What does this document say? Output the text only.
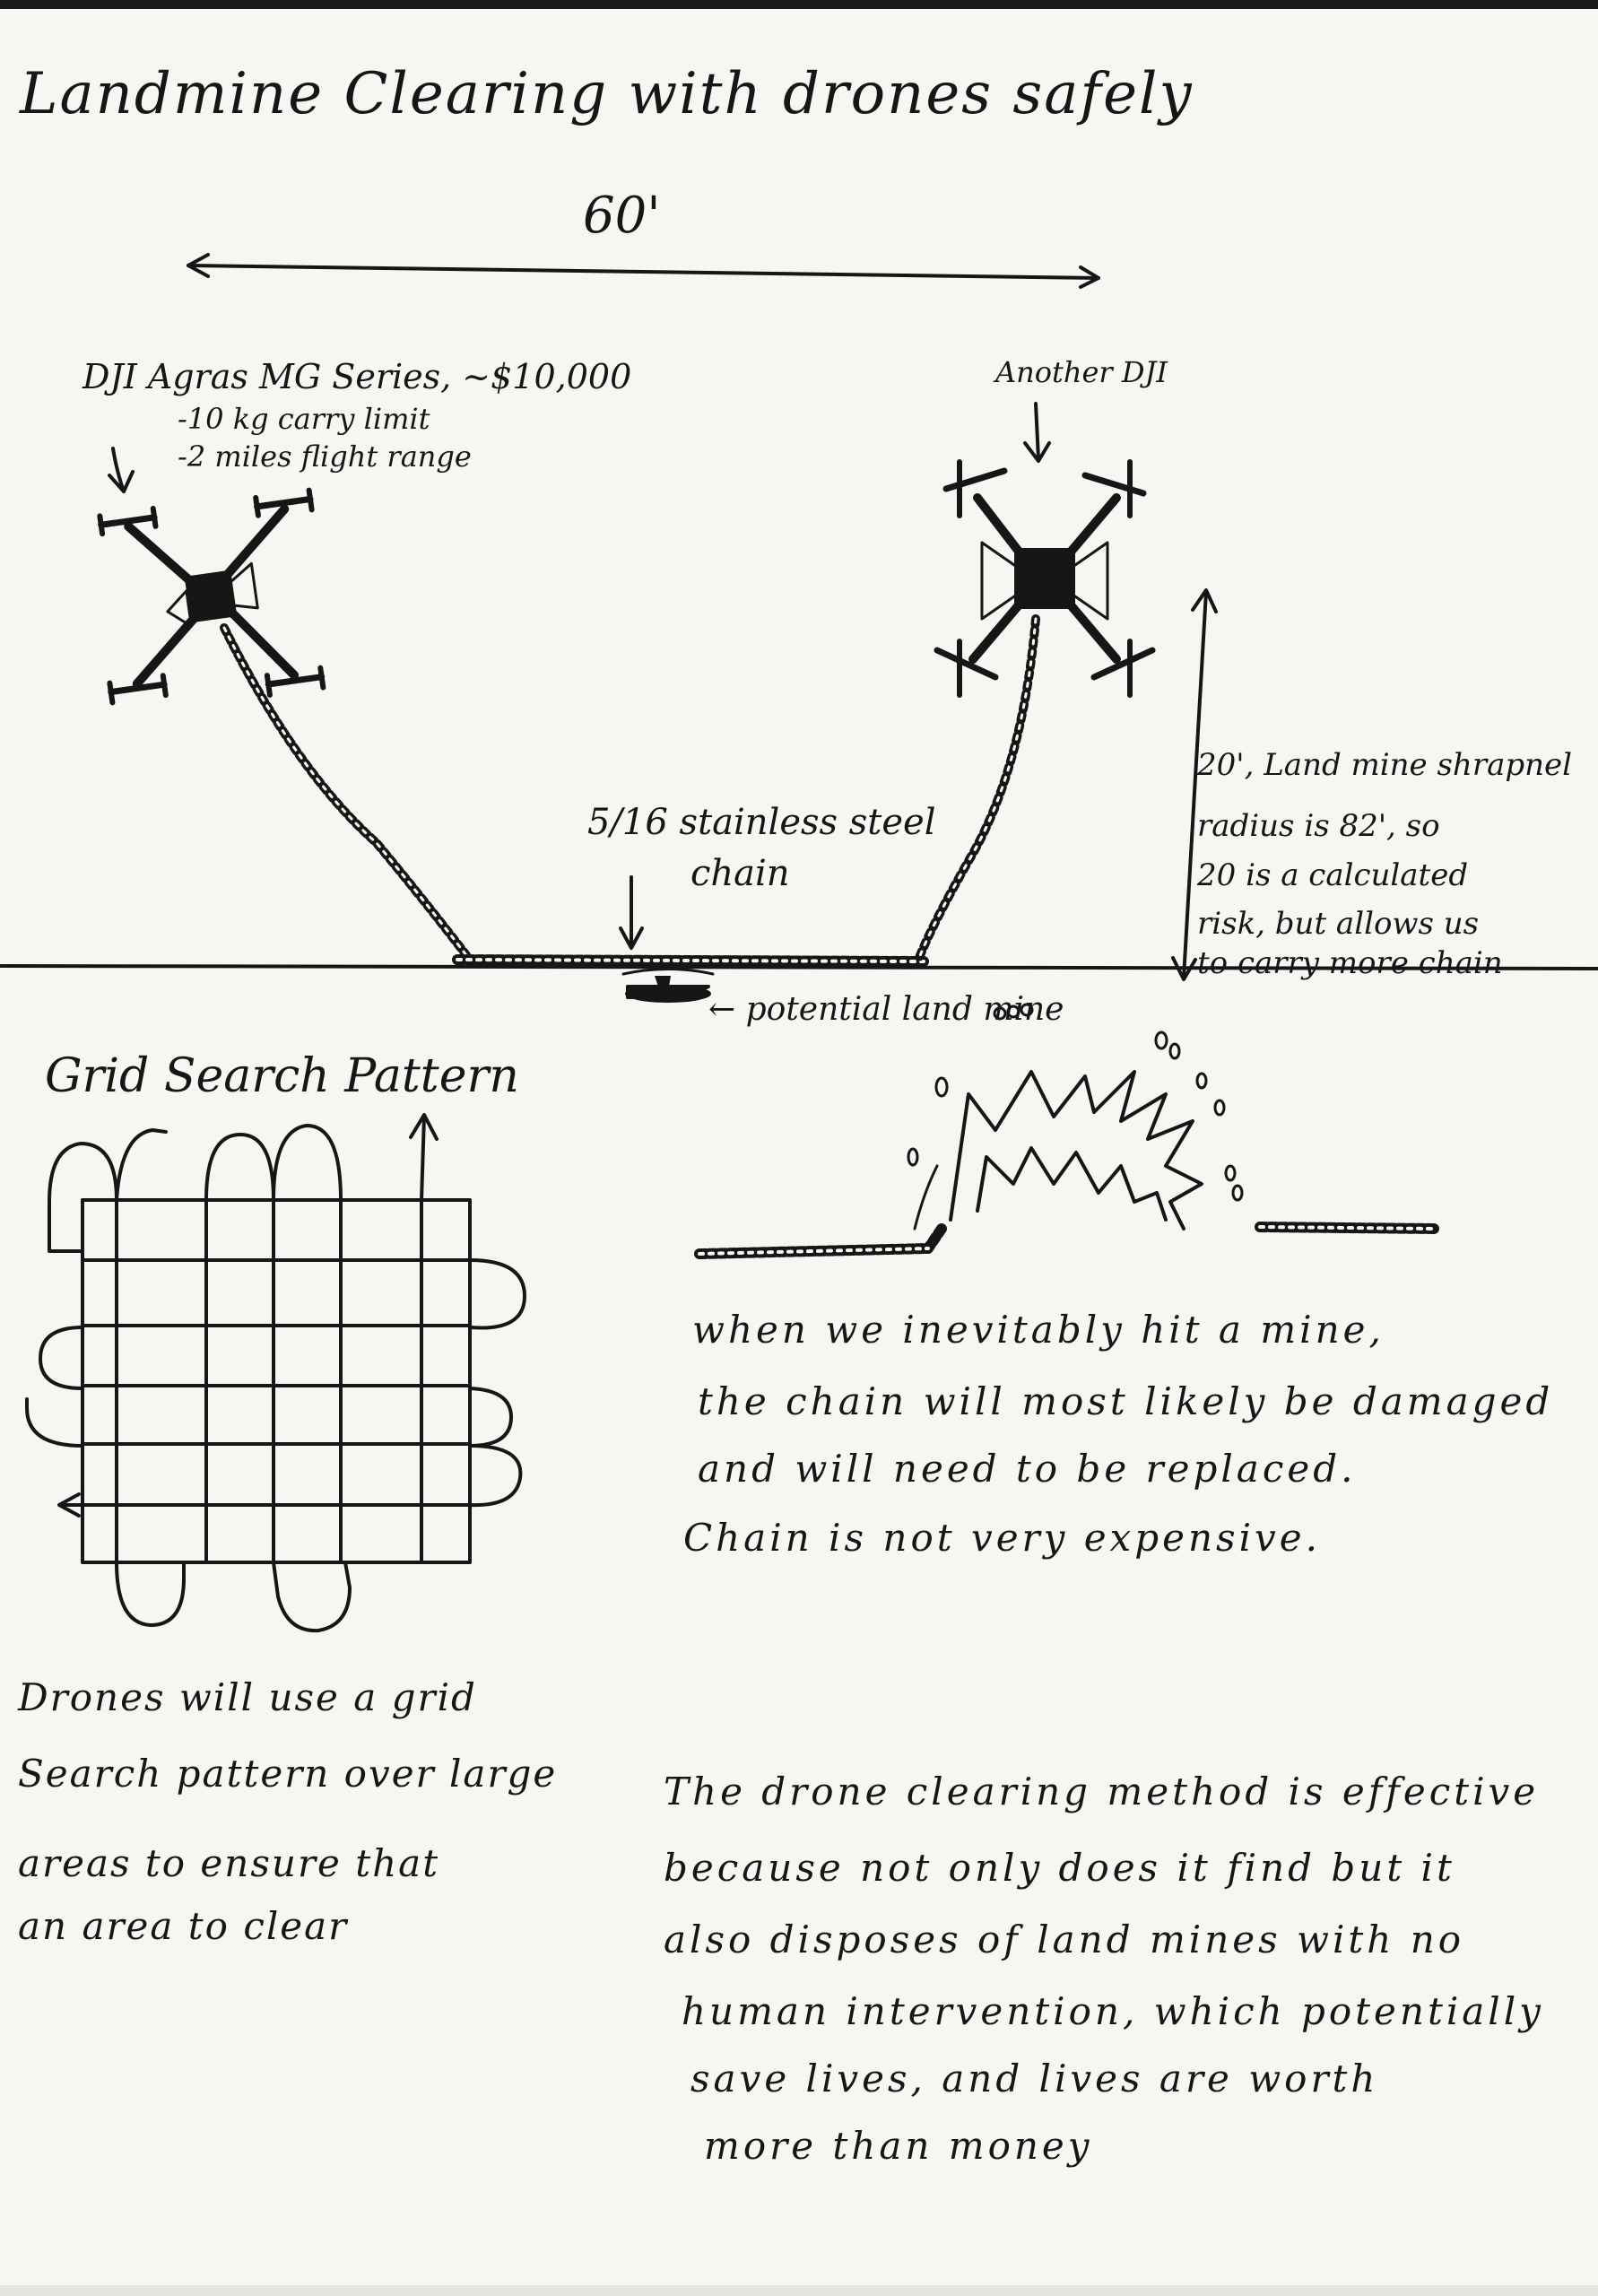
Landmine Clearing with drones safely
60'
DJI Agras MG Series, ~$10,000
-10 kg carry limit
-2 miles flight range
Another DJI
5/16 stainless steel
chain
← potential land mine
20', Land mine shrapnel
radius is 82', so
20 is a calculated
risk, but allows us
to carry more chain
Grid Search Pattern
when we inevitably hit a mine,
the chain will most likely be damaged
and will need to be replaced.
Chain is not very expensive.
Drones will use a grid
Search pattern over large
areas to ensure that
an area to clear
The drone clearing method is effective
because not only does it find but it
also disposes of land mines with no
human intervention, which potentially
save lives, and lives are worth
more than money
